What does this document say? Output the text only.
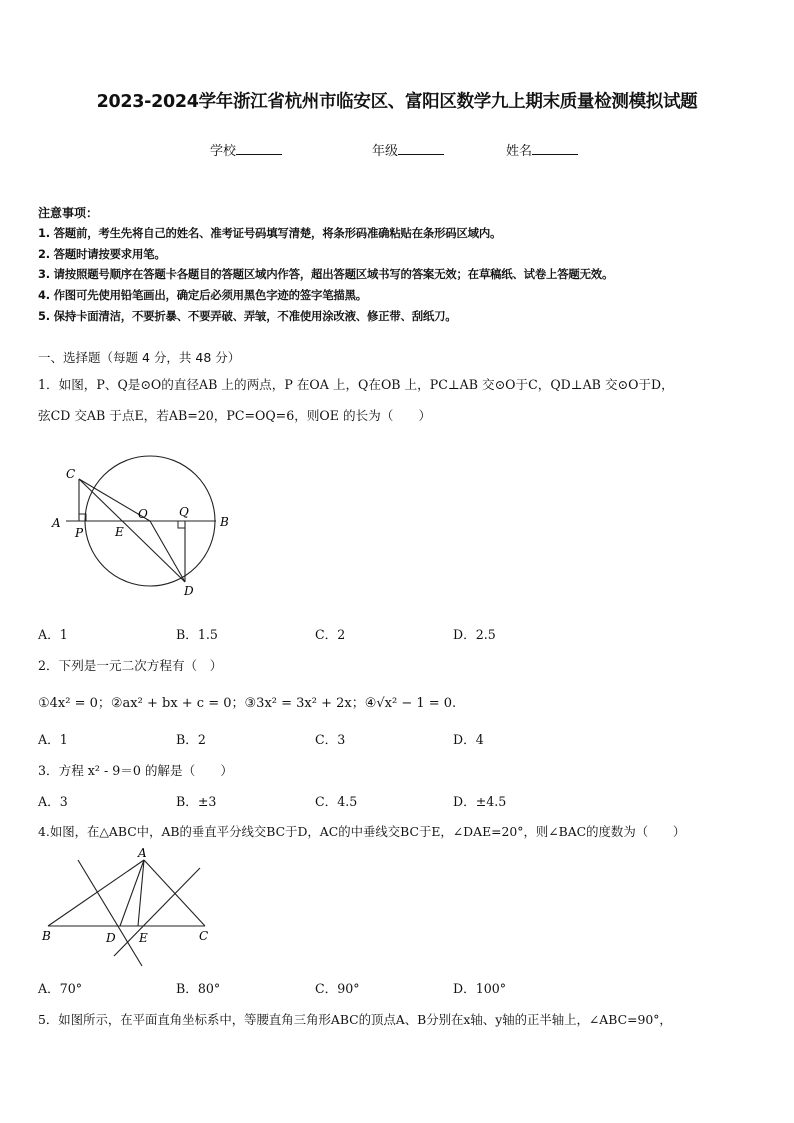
2023-2024学年浙江省杭州市临安区、富阳区数学九上期末质量检测模拟试题
学校	年级	姓名
注意事项：
1. 答题前，考生先将自己的姓名、准考证号码填写清楚，将条形码准确粘贴在条形码区域内。
2. 答题时请按要求用笔。
3. 请按照题号顺序在答题卡各题目的答题区域内作答，超出答题区域书写的答案无效；在草稿纸、试卷上答题无效。
4. 作图可先使用铅笔画出，确定后必须用黑色字迹的签字笔描黑。
5. 保持卡面清洁，不要折暴、不要弄破、弄皱，不准使用涂改液、修正带、刮纸刀。
一、选择题（每题 4 分，共 48 分）
1．如图，P、Q是⊙O的直径AB 上的两点，P 在OA 上，Q在OB 上，PC⊥AB 交⊙O于C，QD⊥AB 交⊙O于D，
弦CD 交AB 于点E，若AB=20，PC=OQ=6，则OE 的长为（　　）
C
A
P	E
O	Q
B
D
A．1	B．1.5	C．2	D．2.5
2．下列是一元二次方程有（　）
①4x² = 0；②ax² + bx + c = 0；③3x² = 3x² + 2x；④√x² − 1 = 0.
A．1	B．2	C．3	D．4
3．方程 x² - 9＝0 的解是（　　）
A．3	B．±3	C．4.5	D．±4.5
4.如图，在△ABC中，AB的垂直平分线交BC于D，AC的中垂线交BC于E，∠DAE=20°，则∠BAC的度数为（　　）
A
B	D E	C
A．70°	B．80°	C．90°	D．100°
5．如图所示，在平面直角坐标系中，等腰直角三角形ABC的顶点A、B分别在x轴、y轴的正半轴上，∠ABC=90°，
